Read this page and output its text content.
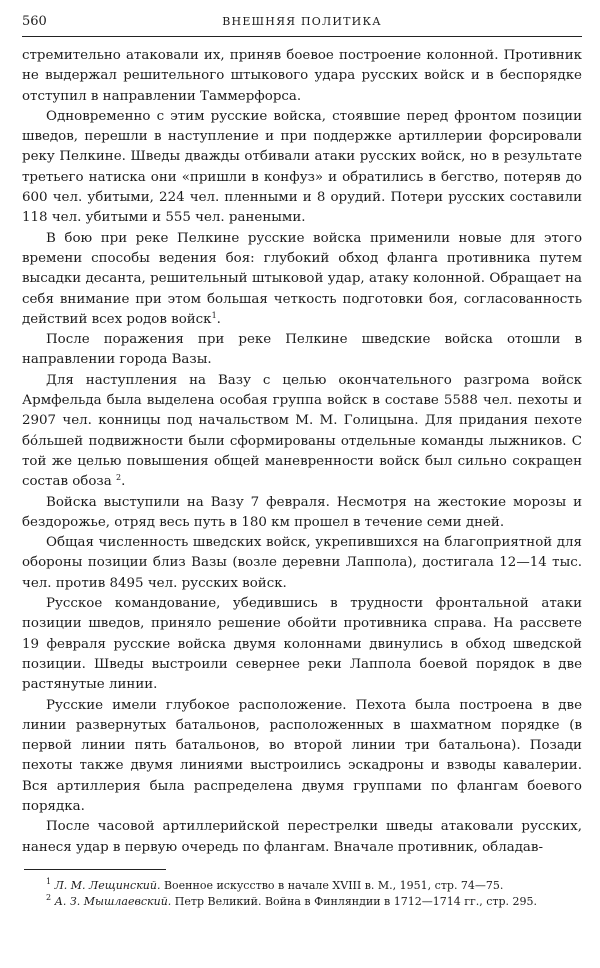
560	ВНЕШНЯЯ ПОЛИТИКА

стремительно атаковали их, приняв боевое построение колонной. Противник не выдержал решительного штыкового удара русских войск и в беспорядке отступил в направлении Таммерфорса.

Одновременно с этим русские войска, стоявшие перед фронтом позиции шведов, перешли в наступление и при поддержке артиллерии форсировали реку Пелкине. Шведы дважды отбивали атаки русских войск, но в результате третьего натиска они «пришли в конфуз» и обратились в бегство, потеряв до 600 чел. убитыми, 224 чел. пленными и 8 орудий. Потери русских составили 118 чел. убитыми и 555 чел. ранеными.

В бою при реке Пелкине русские войска применили новые для этого времени способы ведения боя: глубокий обход фланга противника путем высадки десанта, решительный штыковой удар, атаку колонной. Обращает на себя внимание при этом большая четкость подготовки боя, согласованность действий всех родов войск$^1$.

После поражения при реке Пелкине шведские войска отошли в направлении города Вазы.

Для наступления на Вазу с целью окончательного разгрома войск Армфельда была выделена особая группа войск в составе 5588 чел. пехоты и 2907 чел. конницы под начальством М. М. Голицына. Для придания пехоте бо́льшей подвижности были сформированы отдельные команды лыжников. С той же целью повышения общей маневренности войск был сильно сокращен состав обоза $^2$.

Войска выступили на Вазу 7 февраля. Несмотря на жестокие морозы и бездорожье, отряд весь путь в 180 км прошел в течение семи дней.

Общая численность шведских войск, укрепившихся на благоприятной для обороны позиции близ Вазы (возле деревни Лаппола), достигала 12—14 тыс. чел. против 8495 чел. русских войск.

Русское командование, убедившись в трудности фронтальной атаки позиции шведов, приняло решение обойти противника справа. На рассвете 19 февраля русские войска двумя колоннами двинулись в обход шведской позиции. Шведы выстроили севернее реки Лаппола боевой порядок в две растянутые линии.

Русские имели глубокое расположение. Пехота была построена в две линии развернутых батальонов, расположенных в шахматном порядке (в первой линии пять батальонов, во второй линии три батальона). Позади пехоты также двумя линиями выстроились эскадроны и взводы кавалерии. Вся артиллерия была распределена двумя группами по флангам боевого порядка.

После часовой артиллерийской перестрелки шведы атаковали русских, нанеся удар в первую очередь по флангам. Вначале противник, обладав-

$^1$ Л. М. Лещинский. Военное искусство в начале XVIII в. М., 1951, стр. 74—75.

$^2$ А. З. Мышлаевский. Петр Великий. Война в Финляндии в 1712—1714 гг., стр. 295.
